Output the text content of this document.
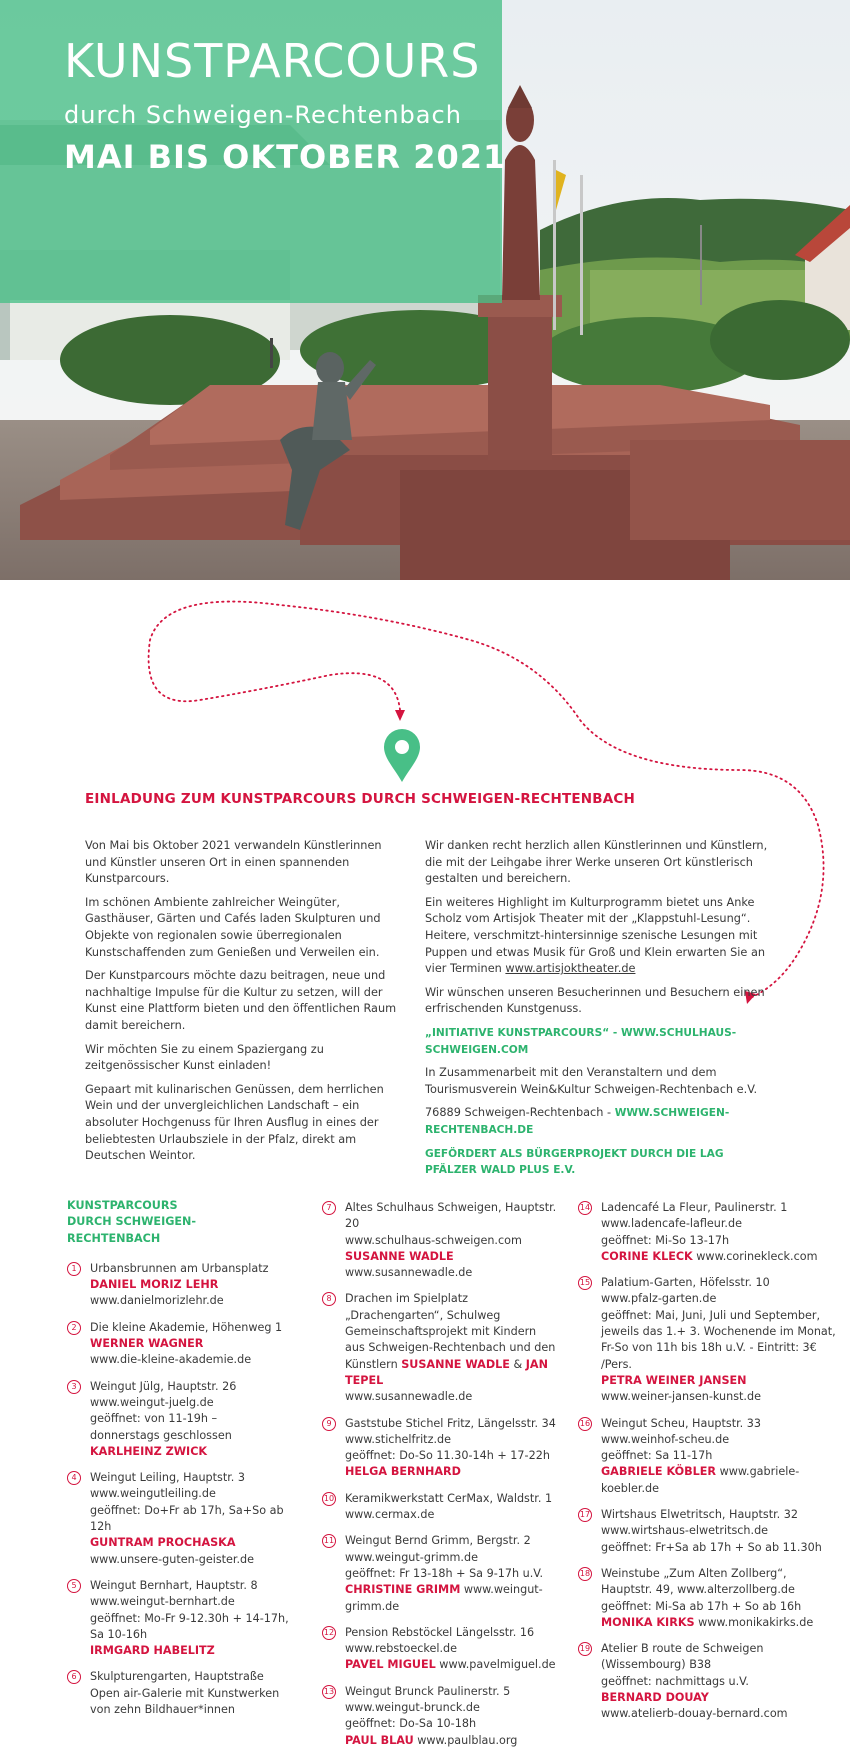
KUNSTPARCOURS
durch Schweigen-Rechtenbach
MAI BIS OKTOBER 2021
EINLADUNG ZUM KUNSTPARCOURS DURCH SCHWEIGEN-RECHTENBACH

Von Mai bis Oktober 2021 verwandeln Künstlerinnen und Künstler unseren Ort in einen spannenden Kunstparcours.

Im schönen Ambiente zahlreicher Weingüter, Gasthäuser, Gärten und Cafés laden Skulpturen und Objekte von regionalen sowie überregionalen Kunstschaffenden zum Genießen und Verweilen ein.

Der Kunstparcours möchte dazu beitragen, neue und nachhaltige Impulse für die Kultur zu setzen, will der Kunst eine Plattform bieten und den öffentlichen Raum damit bereichern.

Wir möchten Sie zu einem Spaziergang zu zeitgenössischer Kunst einladen!

Gepaart mit kulinarischen Genüssen, dem herrlichen Wein und der unvergleichlichen Landschaft – ein absoluter Hochgenuss für Ihren Ausflug in eines der beliebtesten Urlaubsziele in der Pfalz, direkt am Deutschen Weintor.

Wir danken recht herzlich allen Künstlerinnen und Künstlern, die mit der Leihgabe ihrer Werke unseren Ort künstlerisch gestalten und bereichern.

Ein weiteres Highlight im Kulturprogramm bietet uns Anke Scholz vom Artisjok Theater mit der „Klappstuhl-Lesung“. Heitere, verschmitzt-hintersinnige szenische Lesungen mit Puppen und etwas Musik für Groß und Klein erwarten Sie an vier Terminen www.artisjoktheater.de

Wir wünschen unseren Besucherinnen und Besuchern einen erfrischenden Kunstgenuss.

„INITIATIVE KUNSTPARCOURS“ - WWW.SCHULHAUS-SCHWEIGEN.COM

In Zusammenarbeit mit den Veranstaltern und dem Tourismusverein Wein&Kultur Schweigen-Rechtenbach e.V.

76889 Schweigen-Rechtenbach - WWW.SCHWEIGEN-RECHTENBACH.DE

GEFÖRDERT ALS BÜRGERPROJEKT DURCH DIE LAG PFÄLZER WALD PLUS E.V.

KUNSTPARCOURS DURCH SCHWEIGEN-RECHTENBACH
1	Urbansbrunnen am Urbansplatz
DANIEL MORIZ LEHR
www.danielmorizlehr.de
2	Die kleine Akademie, Höhenweg 1
WERNER WAGNER
www.die-kleine-akademie.de
3	Weingut Jülg, Hauptstr. 26
www.weingut-juelg.de
geöffnet: von 11-19h –
donnerstags geschlossen
KARLHEINZ ZWICK
4	Weingut Leiling, Hauptstr. 3
www.weingutleiling.de
geöffnet: Do+Fr ab 17h, Sa+So ab 12h
GUNTRAM PROCHASKA
www.unsere-guten-geister.de
5	Weingut Bernhart, Hauptstr. 8
www.weingut-bernhart.de
geöffnet: Mo-Fr 9-12.30h + 14-17h, Sa 10-16h
IRMGARD HABELITZ
6	Skulpturengarten, Hauptstraße
Open air-Galerie mit Kunstwerken
von zehn Bildhauer*innen
7	Altes Schulhaus Schweigen, Hauptstr. 20
www.schulhaus-schweigen.com
SUSANNE WADLE www.susannewadle.de
8	Drachen im Spielplatz
„Drachengarten“, Schulweg
Gemeinschaftsprojekt mit Kindern
aus Schweigen-Rechtenbach und den
Künstlern SUSANNE WADLE & JAN TEPEL
www.susannewadle.de
9	Gaststube Stichel Fritz, Längelsstr. 34
www.stichelfritz.de
geöffnet: Do-So 11.30-14h + 17-22h
HELGA BERNHARD
10 Keramikwerkstatt CerMax, Waldstr. 1
www.cermax.de
11 Weingut Bernd Grimm, Bergstr. 2
www.weingut-grimm.de
geöffnet: Fr 13-18h + Sa 9-17h u.V.
CHRISTINE GRIMM www.weingut-grimm.de
12 Pension Rebstöckel Längelsstr. 16
www.rebstoeckel.de
PAVEL MIGUEL www.pavelmiguel.de
13 Weingut Brunck Paulinerstr. 5
www.weingut-brunck.de
geöffnet: Do-Sa 10-18h
PAUL BLAU www.paulblau.org
14 Ladencafé La Fleur, Paulinerstr. 1
www.ladencafe-lafleur.de
geöffnet: Mi-So 13-17h
CORINE KLECK www.corinekleck.com
15 Palatium-Garten, Höfelsstr. 10
www.pfalz-garten.de
geöffnet: Mai, Juni, Juli und September,
jeweils das 1.+ 3. Wochenende im Monat,
Fr-So von 11h bis 18h u.V. - Eintritt: 3€ /Pers.
PETRA WEINER JANSEN
www.weiner-jansen-kunst.de
16 Weingut Scheu, Hauptstr. 33
www.weinhof-scheu.de
geöffnet: Sa 11-17h
GABRIELE KÖBLER www.gabriele-koebler.de
17 Wirtshaus Elwetritsch, Hauptstr. 32
www.wirtshaus-elwetritsch.de
geöffnet: Fr+Sa ab 17h + So ab 11.30h
18 Weinstube „Zum Alten Zollberg“,
Hauptstr. 49, www.alterzollberg.de
geöffnet: Mi-Sa ab 17h + So ab 16h
MONIKA KIRKS www.monikakirks.de
19 Atelier B route de Schweigen
(Wissembourg) B38
geöffnet: nachmittags u.V.
BERNARD DOUAY
www.atelierb-douay-bernard.com
